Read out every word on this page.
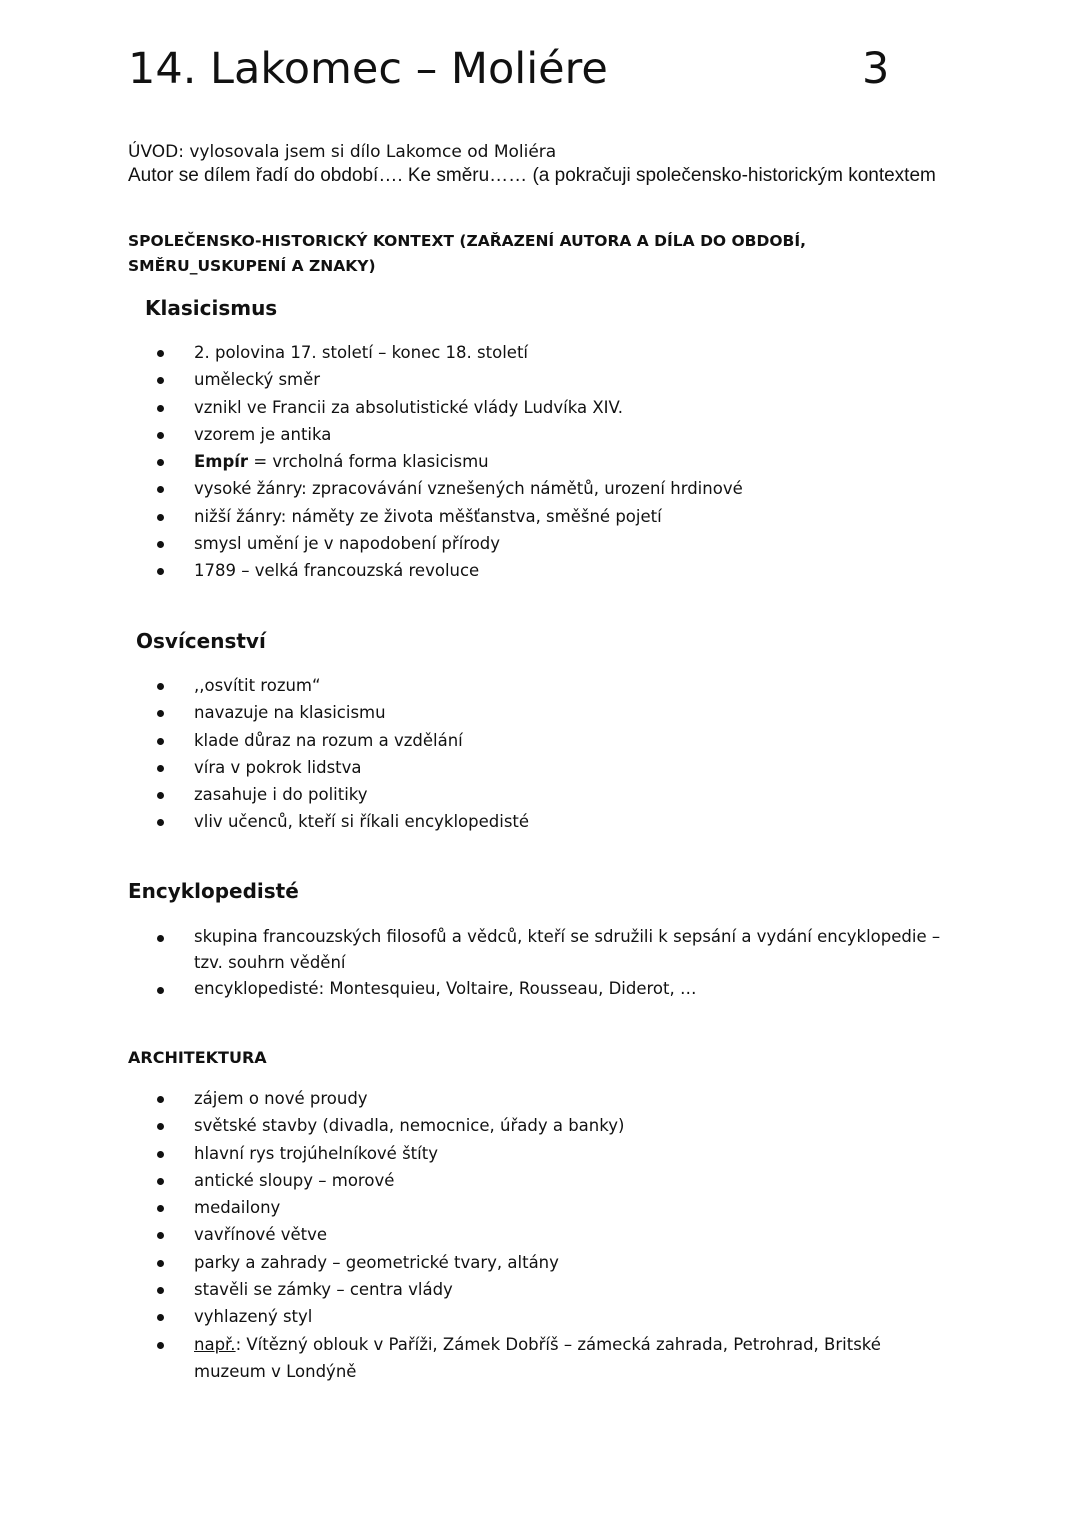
14. Lakomec – Moliére	3
ÚVOD: vylosovala jsem si dílo Lakomce od Moliéra
Autor se dílem řadí do období…. Ke směru…… (a pokračuji společensko-historickým kontextem
SPOLEČENSKO-HISTORICKÝ KONTEXT (ZAŘAZENÍ AUTORA A DÍLA DO OBDOBÍ, SMĚRU_USKUPENÍ A ZNAKY)
Klasicismus
2. polovina 17. století – konec 18. století
umělecký směr
vznikl ve Francii za absolutistické vlády Ludvíka XIV.
vzorem je antika
Empír = vrcholná forma klasicismu
vysoké žánry: zpracovávání vznešených námětů, urození hrdinové
nižší žánry: náměty ze života měšťanstva, směšné pojetí
smysl umění je v napodobení přírody
1789 – velká francouzská revoluce
Osvícenství
,,osvítit rozum“
navazuje na klasicismu
klade důraz na rozum a vzdělání
víra v pokrok lidstva
zasahuje i do politiky
vliv učenců, kteří si říkali encyklopedisté
Encyklopedisté
skupina francouzských filosofů a vědců, kteří se sdružili k sepsání a vydání encyklopedie – tzv. souhrn vědění
encyklopedisté: Montesquieu, Voltaire, Rousseau, Diderot, …
ARCHITEKTURA
zájem o nové proudy
světské stavby (divadla, nemocnice, úřady a banky)
hlavní rys trojúhelníkové štíty
antické sloupy – morové
medailony
vavřínové větve
parky a zahrady – geometrické tvary, altány
stavěli se zámky – centra vlády
vyhlazený styl
např.: Vítězný oblouk v Paříži, Zámek Dobříš – zámecká zahrada, Petrohrad, Britské muzeum v Londýně
